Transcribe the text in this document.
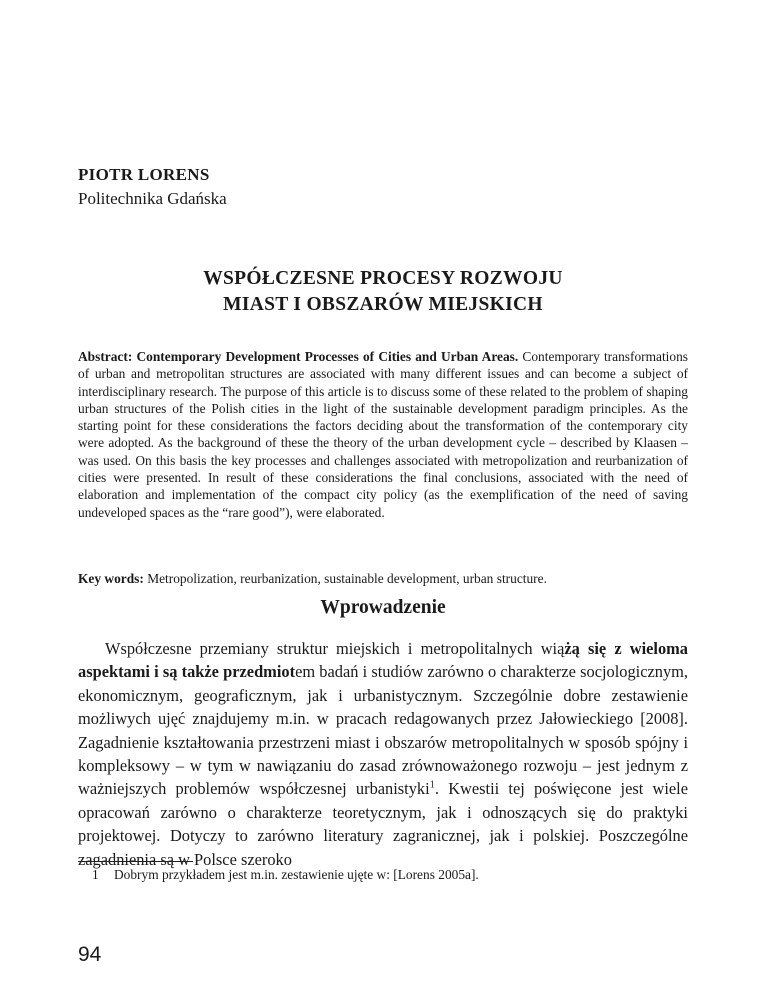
PIOTR LORENS
Politechnika Gdańska
WSPÓŁCZESNE PROCESY ROZWOJU
MIAST I OBSZARÓW MIEJSKICH
Abstract: Contemporary Development Processes of Cities and Urban Areas. Contemporary transformations of urban and metropolitan structures are associated with many different issues and can become a subject of interdisciplinary research. The purpose of this article is to discuss some of these related to the problem of shaping urban structures of the Polish cities in the light of the sustainable development paradigm principles. As the starting point for these considerations the factors deciding about the transformation of the contemporary city were adopted. As the background of these the theory of the urban development cycle – described by Klaasen – was used. On this basis the key processes and challenges associated with metropolization and reurbanization of cities were presented. In result of these considerations the final conclusions, associated with the need of elaboration and implementation of the compact city policy (as the exemplification of the need of saving undeveloped spaces as the “rare good”), were elaborated.
Key words: Metropolization, reurbanization, sustainable development, urban structure.
Wprowadzenie
Współczesne przemiany struktur miejskich i metropolitalnych wiążą się z wieloma aspektami i są także przedmiotem badań i studiów zarówno o charakterze socjologicznym, ekonomicznym, geograficznym, jak i urbanistycznym. Szczególnie dobre zestawienie możliwych ujęć znajdujemy m.in. w pracach redagowanych przez Jałowieckiego [2008]. Zagadnienie kształtowania przestrzeni miast i obszarów metropolitalnych w sposób spójny i kompleksowy – w tym w nawiązaniu do zasad zrównoważonego rozwoju – jest jednym z ważniejszych problemów współczesnej urbanistyki$^1$. Kwestii tej poświęcone jest wiele opracowań zarówno o charakterze teoretycznym, jak i odnoszących się do praktyki projektowej. Dotyczy to zarówno literatury zagranicznej, jak i polskiej. Poszczególne zagadnienia są w Polsce szeroko
1 Dobrym przykładem jest m.in. zestawienie ujęte w: [Lorens 2005a].
94
